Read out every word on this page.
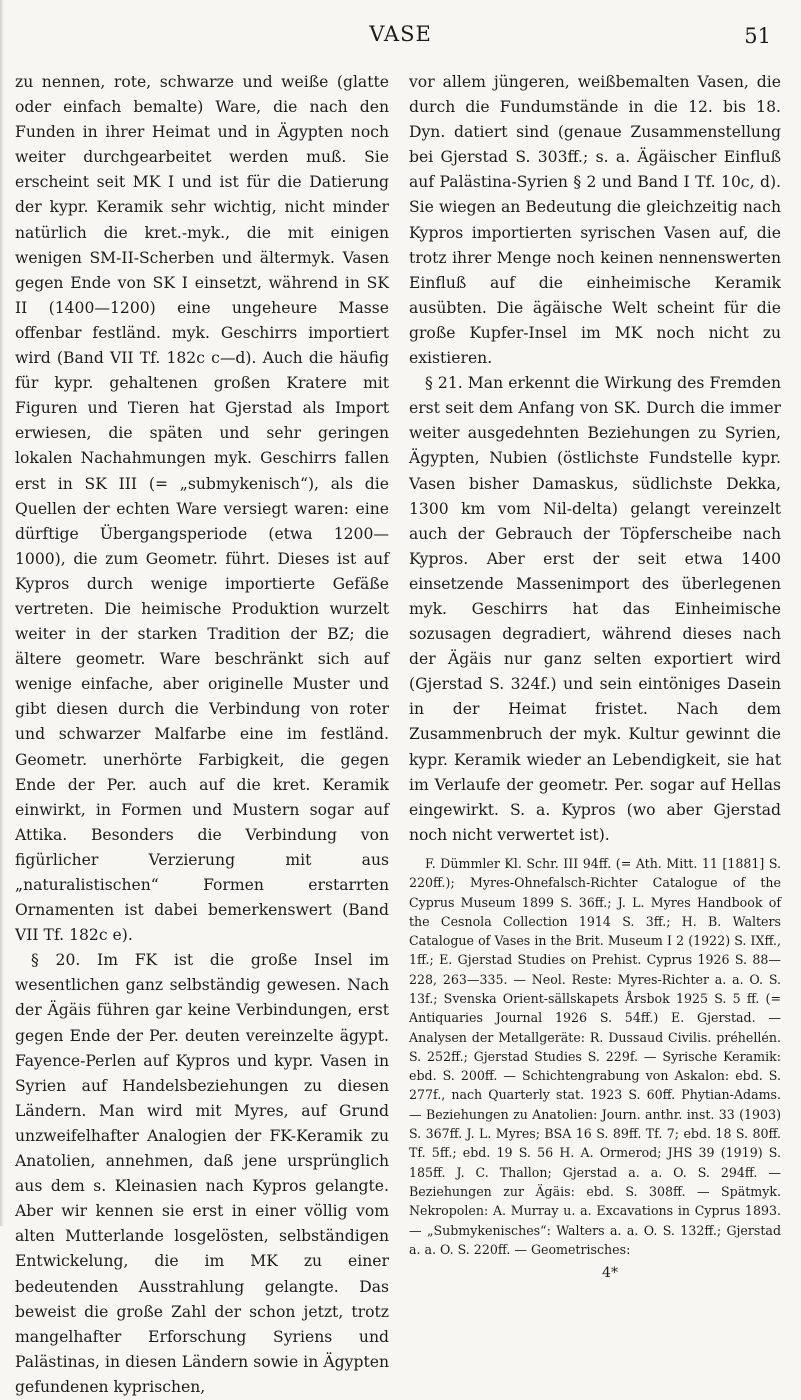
VASE	51

zu nennen, rote, schwarze und weiße (glatte oder einfach bemalte) Ware, die nach den Funden in ihrer Heimat und in Ägypten noch weiter durchgearbeitet werden muß. Sie erscheint seit MK I und ist für die Datierung der kypr. Keramik sehr wichtig, nicht minder natürlich die kret.-myk., die mit einigen wenigen SM-II-Scherben und ältermyk. Vasen gegen Ende von SK I einsetzt, während in SK II (1400—1200) eine ungeheure Masse offenbar festländ. myk. Geschirrs importiert wird (Band VII Tf. 182c c—d). Auch die häufig für kypr. gehaltenen großen Kratere mit Figuren und Tieren hat Gjerstad als Import erwiesen, die späten und sehr geringen lokalen Nachahmungen myk. Geschirrs fallen erst in SK III (= „submykenisch“), als die Quellen der echten Ware versiegt waren: eine dürftige Übergangsperiode (etwa 1200—1000), die zum Geometr. führt. Dieses ist auf Kypros durch wenige importierte Gefäße vertreten. Die heimische Produktion wurzelt weiter in der starken Tradition der BZ; die ältere geometr. Ware beschränkt sich auf wenige einfache, aber originelle Muster und gibt diesen durch die Verbindung von roter und schwarzer Malfarbe eine im festländ. Geometr. unerhörte Farbigkeit, die gegen Ende der Per. auch auf die kret. Keramik einwirkt, in Formen und Mustern sogar auf Attika. Besonders die Verbindung von figürlicher Verzierung mit aus „naturalistischen“ Formen erstarrten Ornamenten ist dabei bemerkenswert (Band VII Tf. 182c e).

§ 20. Im FK ist die große Insel im wesentlichen ganz selbständig gewesen. Nach der Ägäis führen gar keine Verbindungen, erst gegen Ende der Per. deuten vereinzelte ägypt. Fayence-Perlen auf Kypros und kypr. Vasen in Syrien auf Handelsbeziehungen zu diesen Ländern. Man wird mit Myres, auf Grund unzweifelhafter Analogien der FK-Keramik zu Anatolien, annehmen, daß jene ursprünglich aus dem s. Kleinasien nach Kypros gelangte. Aber wir kennen sie erst in einer völlig vom alten Mutterlande losgelösten, selbständigen Entwickelung, die im MK zu einer bedeutenden Ausstrahlung gelangte. Das beweist die große Zahl der schon jetzt, trotz mangelhafter Erforschung Syriens und Palästinas, in diesen Ländern sowie in Ägypten gefundenen kyprischen,

vor allem jüngeren, weißbemalten Vasen, die durch die Fundumstände in die 12. bis 18. Dyn. datiert sind (genaue Zusammenstellung bei Gjerstad S. 303ff.; s. a. Ägäischer Einfluß auf Palästina-Syrien § 2 und Band I Tf. 10c, d). Sie wiegen an Bedeutung die gleichzeitig nach Kypros importierten syrischen Vasen auf, die trotz ihrer Menge noch keinen nennenswerten Einfluß auf die einheimische Keramik ausübten. Die ägäische Welt scheint für die große Kupfer-Insel im MK noch nicht zu existieren.

§ 21. Man erkennt die Wirkung des Fremden erst seit dem Anfang von SK. Durch die immer weiter ausgedehnten Beziehungen zu Syrien, Ägypten, Nubien (östlichste Fundstelle kypr. Vasen bisher Damaskus, südlichste Dekka, 1300 km vom Nil-delta) gelangt vereinzelt auch der Gebrauch der Töpferscheibe nach Kypros. Aber erst der seit etwa 1400 einsetzende Massenimport des überlegenen myk. Geschirrs hat das Einheimische sozusagen degradiert, während dieses nach der Ägäis nur ganz selten exportiert wird (Gjerstad S. 324f.) und sein eintöniges Dasein in der Heimat fristet. Nach dem Zusammenbruch der myk. Kultur gewinnt die kypr. Keramik wieder an Lebendigkeit, sie hat im Verlaufe der geometr. Per. sogar auf Hellas eingewirkt. S. a. Kypros (wo aber Gjerstad noch nicht verwertet ist).

F. Dümmler Kl. Schr. III 94ff. (= Ath. Mitt. 11 [1881] S. 220ff.); Myres-Ohnefalsch-Richter Catalogue of the Cyprus Museum 1899 S. 36ff.; J. L. Myres Handbook of the Cesnola Collection 1914 S. 3ff.; H. B. Walters Catalogue of Vases in the Brit. Museum I 2 (1922) S. IXff., 1ff.; E. Gjerstad Studies on Prehist. Cyprus 1926 S. 88—228, 263—335. — Neol. Reste: Myres-Richter a. a. O. S. 13f.; Svenska Orient-sällskapets Årsbok 1925 S. 5 ff. (= Antiquaries Journal 1926 S. 54ff.) E. Gjerstad. — Analysen der Metallgeräte: R. Dussaud Civilis. préhellén. S. 252ff.; Gjerstad Studies S. 229f. — Syrische Keramik: ebd. S. 200ff. — Schichtengrabung von Askalon: ebd. S. 277f., nach Quarterly stat. 1923 S. 60ff. Phytian-Adams. — Beziehungen zu Anatolien: Journ. anthr. inst. 33 (1903) S. 367ff. J. L. Myres; BSA 16 S. 89ff. Tf. 7; ebd. 18 S. 80ff. Tf. 5ff.; ebd. 19 S. 56 H. A. Ormerod; JHS 39 (1919) S. 185ff. J. C. Thallon; Gjerstad a. a. O. S. 294ff. — Beziehungen zur Ägäis: ebd. S. 308ff. — Spätmyk. Nekropolen: A. Murray u. a. Excavations in Cyprus 1893. — „Submykenisches“: Walters a. a. O. S. 132ff.; Gjerstad a. a. O. S. 220ff. — Geometrisches:
4*
